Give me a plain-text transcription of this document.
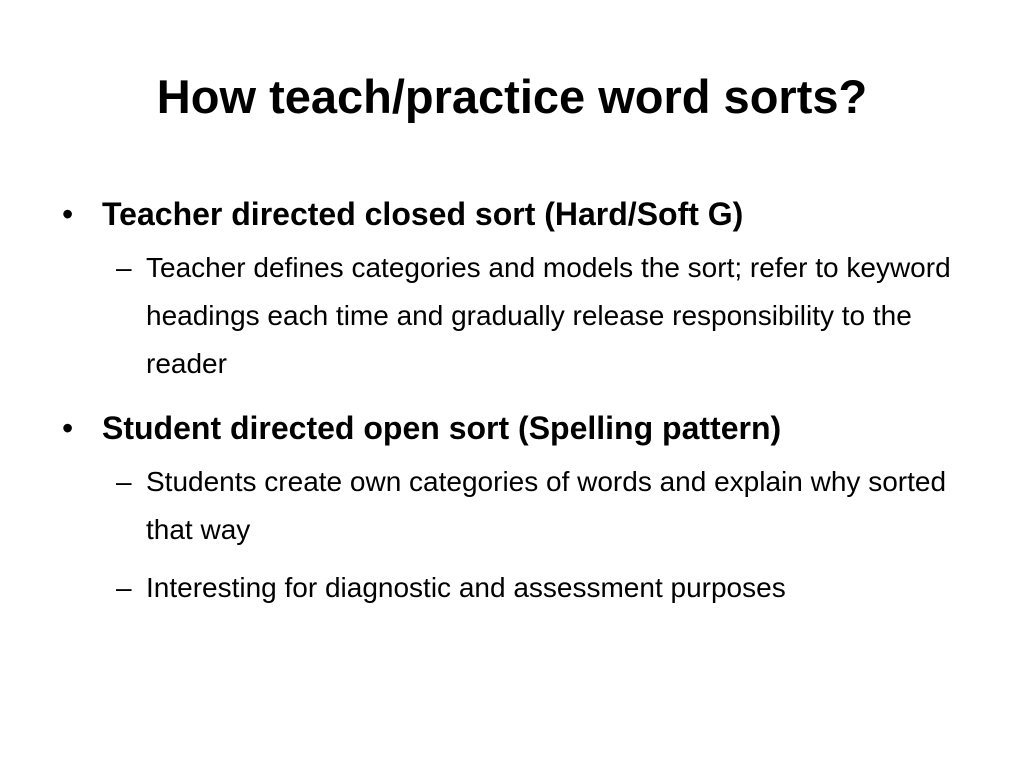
How teach/practice word sorts?
• Teacher directed closed sort (Hard/Soft G)
– Teacher defines categories and models the sort; refer to keyword headings each time and gradually release responsibility to the reader
• Student directed open sort (Spelling pattern)
– Students create own categories of words and explain why sorted that way
– Interesting for diagnostic and assessment purposes
